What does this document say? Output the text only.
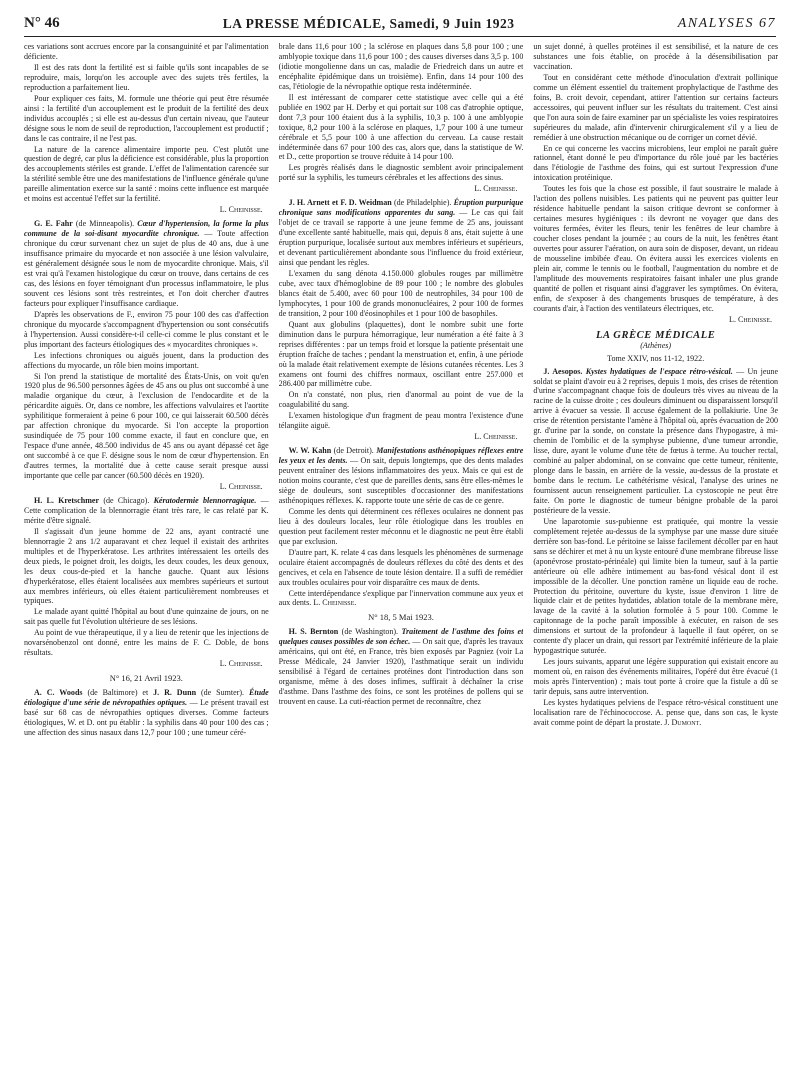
N° 46	LA PRESSE MÉDICALE, Samedi, 9 Juin 1923	ANALYSES 67

ces variations sont accrues encore par la consanguinité et par l'alimentation déficiente.

Il est des rats dont la fertilité est si faible qu'ils sont incapables de se reproduire, mais, lorqu'on les accouple avec des sujets très fertiles, la reproduction a parfaitement lieu.

Pour expliquer ces faits, M. formule une théorie qui peut être résumée ainsi : la fertilité d'un accouplement est le produit de la fertilité des deux individus accouplés ; si elle est au-dessus d'un certain niveau, que l'auteur désigne sous le nom de seuil de reproduction, l'accouplement est productif ; dans le cas contraire, il ne l'est pas.

La nature de la carence alimentaire importe peu. C'est plutôt une question de degré, car plus la déficience est considérable, plus la proportion des accouplements stériles est grande. L'effet de l'alimentation carencée sur la stérilité semble être une des manifestations de l'influence générale qu'une pareille alimentation exerce sur la santé : moins cette influence est marquée et moins est accentué l'effet sur la fertilité.

L. Cheinisse.

G. E. Fahr (de Minneapolis). Cœur d'hypertension, la forme la plus commune de la soi-disant myocardite chronique. — Toute affection chronique du cœur survenant chez un sujet de plus de 40 ans, due à une insuffisance primaire du myocarde et non associée à une lésion valvulaire, est généralement désignée sous le nom de myocardite chronique. Mais, s'il est vrai qu'à l'examen histologique du cœur on trouve, dans certains de ces cas, des lésions en foyer témoignant d'un processus inflammatoire, le plus souvent ces lésions sont très restreintes, et l'on doit chercher d'autres facteurs pour expliquer l'insuffisance cardiaque.

D'après les observations de F., environ 75 pour 100 des cas d'affection chronique du myocarde s'accompagnent d'hypertension ou sont consécutifs à l'hypertension. Aussi considère-t-il celle-ci comme le plus constant et le plus important des facteurs étiologiques des « myocardites chroniques ».

Les infections chroniques ou aiguës jouent, dans la production des affections du myocarde, un rôle bien moins important.

Si l'on prend la statistique de mortalité des États-Unis, on voit qu'en 1920 plus de 96.500 personnes âgées de 45 ans ou plus ont succombé à une maladie organique du cœur, à l'exclusion de l'endocardite et de la péricardite aiguës. Or, dans ce nombre, les affections valvulaires et l'aortite syphilitique formeraient à peine 6 pour 100, ce qui laisserait 60.500 décès par affection chronique du myocarde. Si l'on accepte la proportion susindiquée de 75 pour 100 comme exacte, il faut en conclure que, en l'espace d'une année, 48.500 individus de 45 ans ou ayant dépassé cet âge ont succombé à ce que F. désigne sous le nom de cœur d'hypertension. En d'autres termes, la mortalité due à cette cause serait presque aussi importante que celle par cancer (60.500 décès en 1920).

L. Cheinisse.

H. L. Kretschmer (de Chicago). Kératodermie blennorragique. — Cette complication de la blennorragie étant très rare, le cas relaté par K. mérite d'être signalé.

Il s'agissait d'un jeune homme de 22 ans, ayant contracté une blennorragie 2 ans 1/2 auparavant et chez lequel il existait des arthrites multiples et de l'hyperkératose. Les arthrites intéressaient les orteils des deux pieds, le poignet droit, les doigts, les deux coudes, les deux genoux, les deux cous-de-pied et la hanche gauche. Quant aux lésions d'hyperkératose, elles étaient localisées aux membres supérieurs et surtout aux membres inférieurs, où elles étaient particulièrement nombreuses et typiques.

Le malade ayant quitté l'hôpital au bout d'une quinzaine de jours, on ne sait pas quelle fut l'évolution ultérieure de ses lésions.

Au point de vue thérapeutique, il y a lieu de retenir que les injections de novarsénobenzol ont donné, entre les mains de F. C. Doble, de bons résultats.

L. Cheinisse.
N° 16, 21 Avril 1923.

A. C. Woods (de Baltimore) et J. R. Dunn (de Sumter). Étude étiologique d'une série de névropathies optiques. — Le présent travail est basé sur 68 cas de névropathies optiques diverses. Comme facteurs étiologiques, W. et D. ont pu établir : la syphilis dans 40 pour 100 des cas ; une affection des sinus nasaux dans 12,7 pour 100 ; une tumeur céré-

brale dans 11,6 pour 100 ; la sclérose en plaques dans 5,8 pour 100 ; une amblyopie toxique dans 11,6 pour 100 ; des causes diverses dans 3,5 p. 100 (idiotie mongolienne dans un cas, maladie de Friedreich dans un autre et encéphalite épidémique dans un troisième). Enfin, dans 14 pour 100 des cas, l'étiologie de la névropathie optique resta indéterminée.

Il est intéressant de comparer cette statistique avec celle qui a été publiée en 1902 par H. Derby et qui portait sur 108 cas d'atrophie optique, dont 7,3 pour 100 étaient dus à la syphilis, 10,3 p. 100 à une amblyopie toxique, 8,2 pour 100 à la sclérose en plaques, 1,7 pour 100 à une tumeur cérébrale et 5,5 pour 100 à une affection du cerveau. La cause restait indéterminée dans 67 pour 100 des cas, alors que, dans la statistique de W. et D., cette proportion se trouve réduite à 14 pour 100.

Les progrès réalisés dans le diagnostic semblent avoir principalement porté sur la syphilis, les tumeurs cérébrales et les affections des sinus.

L. Cheinisse.

J. H. Arnett et F. D. Weidman (de Philadelphie). Éruption purpurique chronique sans modifications apparentes du sang. — Le cas qui fait l'objet de ce travail se rapporte à une jeune femme de 25 ans, jouissant d'une excellente santé habituelle, mais qui, depuis 8 ans, était sujette à une éruption purpurique, localisée surtout aux membres inférieurs et supérieurs, et devenant particulièrement abondante sous l'influence du froid extérieur, ainsi que pendant les règles.

L'examen du sang dénota 4.150.000 globules rouges par millimètre cube, avec taux d'hémoglobine de 89 pour 100 ; le nombre des globules blancs était de 5.400, avec 60 pour 100 de neutrophiles, 34 pour 100 de lymphocytes, 1 pour 100 de grands mononucléaires, 2 pour 100 de formes de transition, 2 pour 100 d'éosinophiles et 1 pour 100 de basophiles.

Quant aux globulins (plaquettes), dont le nombre subit une forte diminution dans le purpura hémorragique, leur numération a été faite à 3 reprises différentes : par un temps froid et lorsque la patiente présentait une éruption fraîche de taches ; pendant la menstruation et, enfin, à une période où la malade était relativement exempte de lésions cutanées récentes. Les 3 examens ont fourni des chiffres normaux, oscillant entre 257.000 et 286.400 par millimètre cube.

On n'a constaté, non plus, rien d'anormal au point de vue de la coagulabilité du sang.

L'examen histologique d'un fragment de peau montra l'existence d'une télangiite aiguë.

L. Cheinisse.

W. W. Kahn (de Detroit). Manifestations asthénopiques réflexes entre les yeux et les dents. — On sait, depuis longtemps, que des dents malades peuvent entraîner des lésions inflammatoires des yeux. Mais ce qui est de notion moins courante, c'est que de pareilles dents, sans être elles-mêmes le siège de douleurs, sont susceptibles d'occasionner des manifestations asthénopiques réflexes. K. rapporte toute une série de cas de ce genre.

Comme les dents qui déterminent ces réflexes oculaires ne donnent pas lieu à des douleurs locales, leur rôle étiologique dans les troubles en question peut facilement rester méconnu et le diagnostic ne peut être établi que par exclusion.

D'autre part, K. relate 4 cas dans lesquels les phénomènes de surmenage oculaire étaient accompagnés de douleurs réflexes du côté des dents et des gencives, et cela en l'absence de toute lésion dentaire. Il a suffi de remédier aux troubles oculaires pour voir disparaître ces maux de dents.

Cette interdépendance s'explique par l'innervation commune aux yeux et aux dents. L. Cheinisse.

N° 18, 5 Mai 1923.

H. S. Bernton (de Washington). Traitement de l'asthme des foins et quelques causes possibles de son échec. — On sait que, d'après les travaux américains, qui ont été, en France, très bien exposés par Pagniez (voir La Presse Médicale, 24 Janvier 1920), l'asthmatique serait un individu sensibilisé à l'égard de certaines protéines dont l'introduction dans son organisme, même à des doses infimes, suffirait à déchaîner la crise d'asthme. Dans l'asthme des foins, ce sont les protéines de pollens qui se trouvent en cause. La cuti-réaction permet de reconnaître, chez

un sujet donné, à quelles protéines il est sensibilisé, et la nature de ces substances une fois établie, on procède à la désensibilisation par vaccination.

Tout en considérant cette méthode d'inoculation d'extrait pollinique comme un élément essentiel du traitement prophylactique de l'asthme des foins, B. croit devoir, cependant, attirer l'attention sur certains facteurs accessoires, qui peuvent influer sur les résultats du traitement. C'est ainsi que l'on aura soin de faire examiner par un spécialiste les voies respiratoires supérieures du malade, afin d'intervenir chirurgicalement s'il y a lieu de remédier à une obstruction mécanique ou de corriger un cornet dévié.

En ce qui concerne les vaccins microbiens, leur emploi ne paraît guère rationnel, étant donné le peu d'importance du rôle joué par les bactéries dans l'étiologie de l'asthme des foins, qui est surtout l'expression d'une intoxication protéinique.

Toutes les fois que la chose est possible, il faut soustraire le malade à l'action des pollens nuisibles. Les patients qui ne peuvent pas quitter leur résidence habituelle pendant la saison critique devront se conformer à certaines mesures hygiéniques : ils devront ne voyager que dans des voitures fermées, éviter les fleurs, tenir les fenêtres de leur chambre à coucher closes pendant la journée ; au cours de la nuit, les fenêtres étant ouvertes pour assurer l'aération, on aura soin de disposer, devant, un rideau de mousseline imbibée d'eau. On évitera aussi les exercices violents en plein air, comme le tennis ou le football, l'augmentation du nombre et de l'amplitude des mouvements respiratoires faisant inhaler une plus grande quantité de pollen et risquant ainsi d'aggraver les symptômes. On évitera, enfin, de s'exposer à des changements brusques de température, à des courants d'air, à l'action des ventilateurs électriques, etc.

L. Cheinisse.
LA GRÈCE MÉDICALE
(Athènes)
Tome XXIV, nos 11-12, 1922.

J. Aesopos. Kystes hydatiques de l'espace rétro-vésical. — Un jeune soldat se plaint d'avoir eu à 2 reprises, depuis 1 mois, des crises de rétention d'urine s'accompagnant chaque fois de douleurs très vives au niveau de la racine de la cuisse droite ; ces douleurs diminuent ou disparaissent lorsqu'il arrive à évacuer sa vessie. Il accuse également de la pollakiurie. Une 3e crise de rétention persistante l'amène à l'hôpital où, après évacuation de 200 gr. d'urine par la sonde, on constate la présence dans l'hypogastre, à mi-chemin de l'ombilic et de la symphyse pubienne, d'une tumeur arrondie, lisse, dure, ayant le volume d'une tête de fœtus à terme. Au toucher rectal, combiné au palper abdominal, on se convainc que cette tumeur, rénitente, plonge dans le bassin, en arrière de la vessie, au-dessus de la prostate et bombe dans le rectum. Le cathétérisme vésical, l'analyse des urines ne fournissent aucun renseignement particulier. La cystoscopie ne peut être faite. On porte le diagnostic de tumeur bénigne probable de la paroi postérieure de la vessie.

Une laparotomie sus-pubienne est pratiquée, qui montre la vessie complètement rejetée au-dessus de la symphyse par une masse dure située derrière son bas-fond. Le péritoine se laisse facilement décoller par en haut sans se déchirer et met à nu un kyste entouré d'une membrane fibreuse lisse (aponévrose prostato-périnéale) qui limite bien la tumeur, sauf à la partie antérieure où elle adhère intimement au bas-fond vésical dont il est impossible de la décoller. Une ponction ramène un liquide eau de roche. Protection du péritoine, ouverture du kyste, issue d'environ 1 litre de liquide clair et de petites hydatides, ablation totale de la membrane mère, lavage de la cavité à la solution formolée à 5 pour 100. Comme le capitonnage de la poche paraît impossible à exécuter, en raison de ses dimensions et surtout de la profondeur à laquelle il faut opérer, on se contente d'y placer un drain, qui ressort par l'extrémité inférieure de la plaie hypogastrique suturée.

Les jours suivants, apparut une légère suppuration qui existait encore au moment où, en raison des événements militaires, l'opéré dut être évacué (1 mois après l'intervention) ; mais tout porte à croire que la fistule a dû se tarir depuis, sans autre intervention.

Les kystes hydatiques pelviens de l'espace rétro-vésical constituent une localisation rare de l'échinococcose. A. pense que, dans son cas, le kyste avait comme point de départ la prostate. J. Dumont.
